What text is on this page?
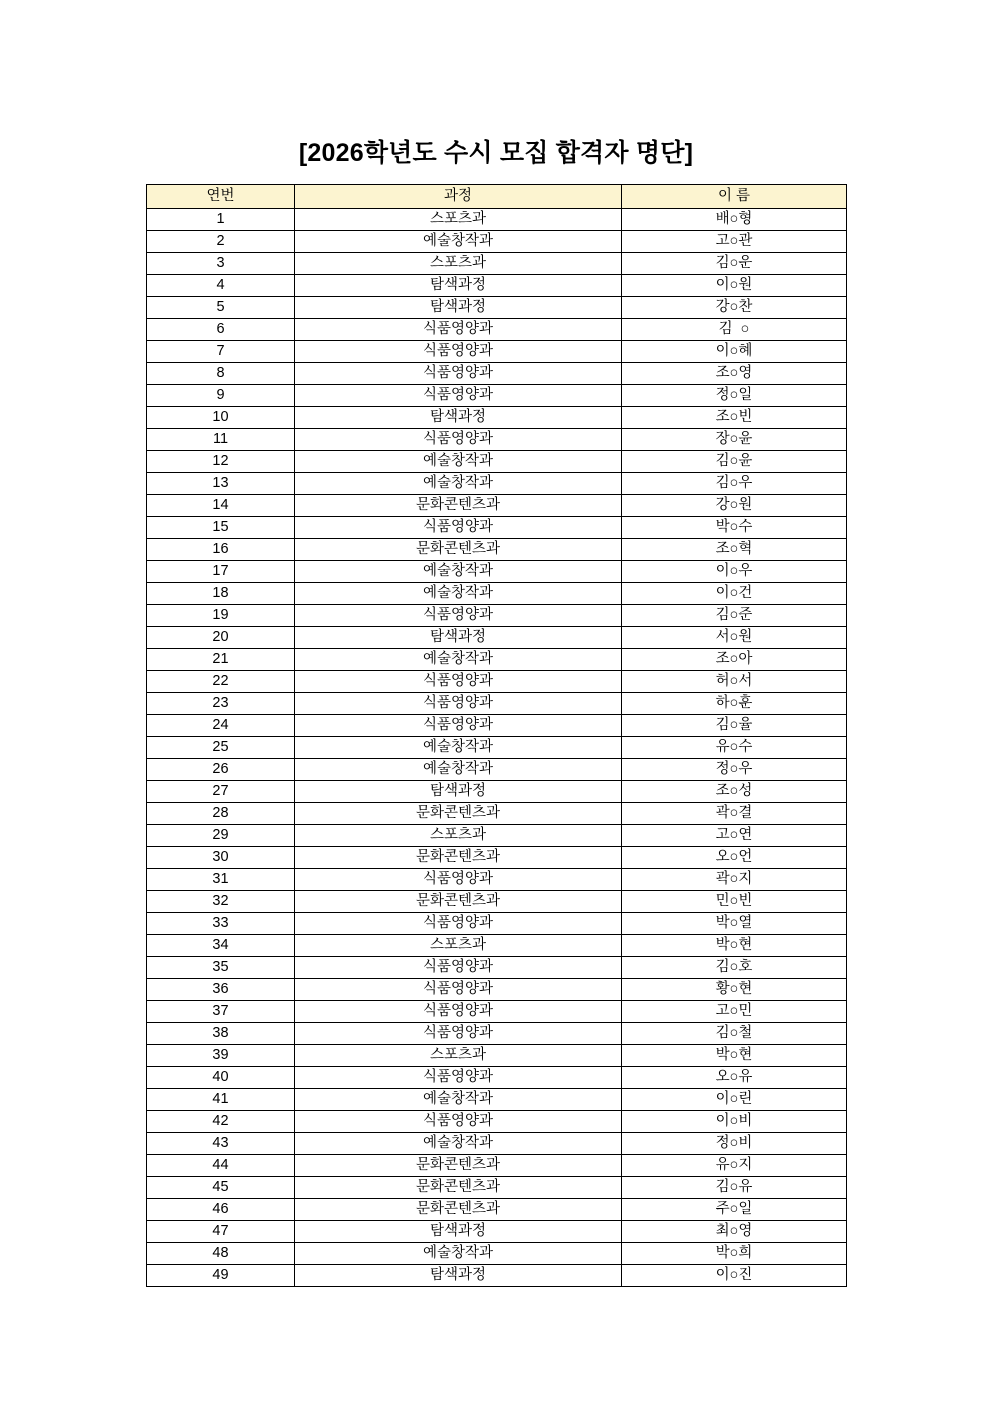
[2026학년도 수시 모집 합격자 명단]
연번	과정	이 름
1	스포츠과	배○형
2	예술창작과	고○관
3	스포츠과	김○운
4	탐색과정	이○원
5	탐색과정	강○찬
6	식품영양과	김  ○
7	식품영양과	이○혜
8	식품영양과	조○영
9	식품영양과	정○일
10	탐색과정	조○빈
11	식품영양과	장○윤
12	예술창작과	김○윤
13	예술창작과	김○우
14	문화콘텐츠과	강○원
15	식품영양과	박○수
16	문화콘텐츠과	조○혁
17	예술창작과	이○우
18	예술창작과	이○건
19	식품영양과	김○준
20	탐색과정	서○원
21	예술창작과	조○아
22	식품영양과	허○서
23	식품영양과	하○훈
24	식품영양과	김○율
25	예술창작과	유○수
26	예술창작과	정○우
27	탐색과정	조○성
28	문화콘텐츠과	곽○결
29	스포츠과	고○연
30	문화콘텐츠과	오○언
31	식품영양과	곽○지
32	문화콘텐츠과	민○빈
33	식품영양과	박○열
34	스포츠과	박○현
35	식품영양과	김○호
36	식품영양과	황○현
37	식품영양과	고○민
38	식품영양과	김○철
39	스포츠과	박○현
40	식품영양과	오○유
41	예술창작과	이○린
42	식품영양과	이○비
43	예술창작과	정○비
44	문화콘텐츠과	유○지
45	문화콘텐츠과	김○유
46	문화콘텐츠과	주○일
47	탐색과정	최○영
48	예술창작과	박○희
49	탐색과정	이○진
